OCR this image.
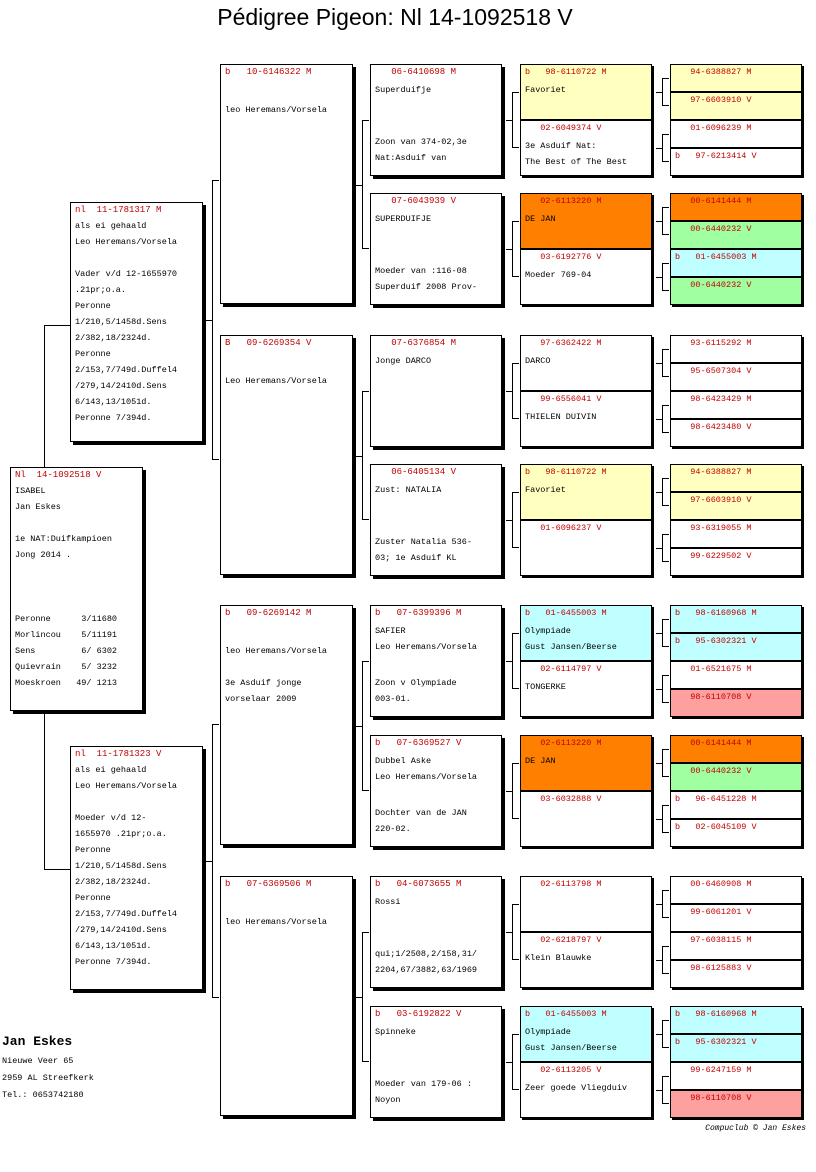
Pédigree Pigeon: Nl 14-1092518 V
Nl  14-1092518 V
ISABEL
Jan Eskes
1e NAT:Duifkampioen
Jong 2014 .
Peronne      3/11680
Morlincou    5/11191
Sens         6/ 6302
Quievrain    5/ 3232
Moeskroen   49/ 1213
nl  11-1781317 M
als ei gehaald
Leo Heremans/Vorsela
Vader v/d 12-1655970
.21pr;o.a.
Peronne
1/210,5/1458d.Sens
2/382,18/2324d.
Peronne
2/153,7/749d.Duffel4
/279,14/2410d.Sens
6/143,13/1051d.
Peronne 7/394d.
nl  11-1781323 V
als ei gehaald
Leo Heremans/Vorsela
Moeder v/d 12-
1655970 .21pr;o.a.
Peronne
1/210,5/1458d.Sens
2/382,18/2324d.
Peronne
2/153,7/749d.Duffel4
/279,14/2410d.Sens
6/143,13/1051d.
Peronne 7/394d.
b   10-6146322 M
leo Heremans/Vorsela
B   09-6269354 V
Leo Heremans/Vorsela
b   09-6269142 M
leo Heremans/Vorsela
3e Asduif jonge
vorselaar 2009
b   07-6369506 M
leo Heremans/Vorsela
06-6410698 M
Superduifje
Zoon van 374-02,3e
Nat:Asduif van
07-6043939 V
SUPERDUIFJE
Moeder van :116-08
Superduif 2008 Prov-
07-6376854 M
Jonge DARCO
06-6405134 V
Zust: NATALIA
Zuster Natalia 536-
03; 1e Asduif KL
b   07-6399396 M
SAFIER
Leo Heremans/Vorsela
Zoon v Olympiade
003-01.
b   07-6369527 V
Dubbel Aske
Leo Heremans/Vorsela
Dochter van de JAN
220-02.
b   04-6073655 M
Rossi
qui;1/2508,2/158,31/
2204,67/3882,63/1969
b   03-6192822 V
Spinneke
Moeder van 179-06 :
Noyon
b   98-6110722 M
Favoriet
02-6049374 V
3e Asduif Nat:
The Best of The Best
02-6113220 M
DE JAN
03-6192776 V
Moeder 769-04
97-6362422 M
DARCO
99-6556041 V
THIELEN DUIVIN
b   98-6110722 M
Favoriet
01-6096237 V
b   01-6455003 M
Olympiade
Gust Jansen/Beerse
02-6114797 V
TONGERKE
02-6113220 M
DE JAN
03-6032888 V
02-6113798 M
02-6218797 V
Klein Blauwke
b   01-6455003 M
Olympiade
Gust Jansen/Beerse
02-6113205 V
Zeer goede Vliegduiv
94-6388827 M
97-6603910 V
01-6096239 M
b   97-6213414 V
00-6141444 M
00-6440232 V
b   01-6455003 M
00-6440232 V
93-6115292 M
95-6507304 V
98-6423429 M
98-6423480 V
94-6388827 M
97-6603910 V
93-6319055 M
99-6229502 V
b   98-6160968 M
b   95-6302321 V
01-6521675 M
98-6110708 V
00-6141444 M
00-6440232 V
b   96-6451228 M
b   02-6045109 V
00-6460908 M
99-6061201 V
97-6038115 M
98-6125883 V
b   98-6160968 M
b   95-6302321 V
99-6247159 M
98-6110708 V
Jan Eskes
Nieuwe Veer 65
2959 AL Streefkerk
Tel.: 0653742180
Compuclub © Jan Eskes
